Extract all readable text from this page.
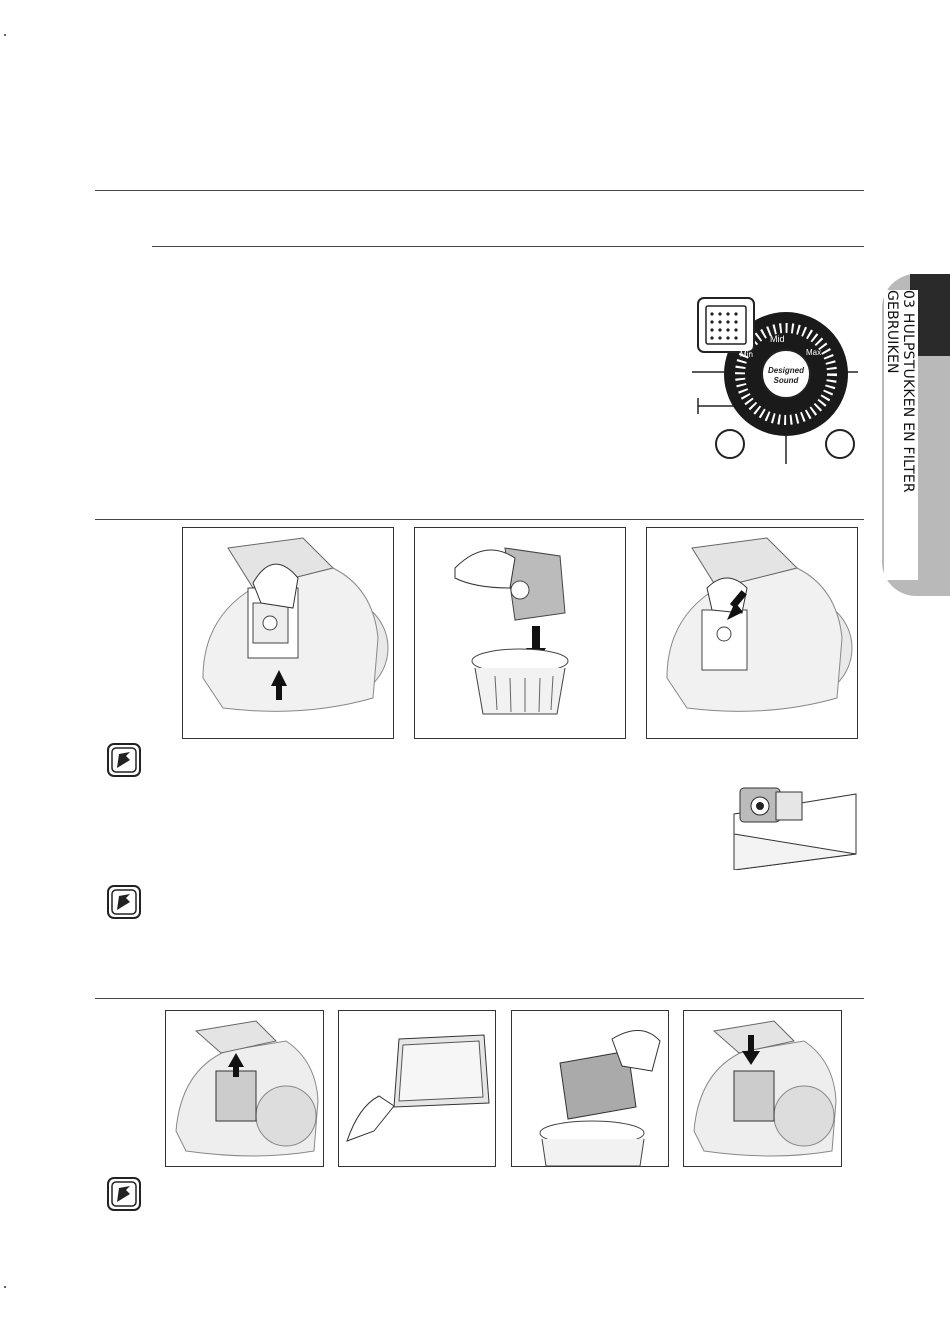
03 HULPSTUKKEN EN FILTER GEBRUIKEN
Mid
Min	Max
Designed
Sound
